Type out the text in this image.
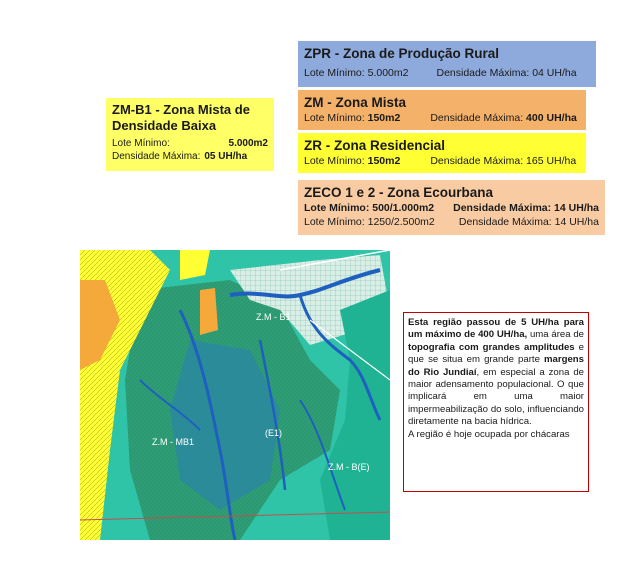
ZPR - Zona de Produção Rural
Lote Mínimo: 5.000m2	Densidade Máxima: 04 UH/ha
ZM - Zona Mista
Lote Mínimo: 150m2	Densidade Máxima: 400 UH/ha
ZR - Zona Residencial
Lote Mínimo: 150m2	Densidade Máxima: 165 UH/ha
ZECO 1 e 2 - Zona Ecourbana
Lote Mínimo: 500/1.000m2 Densidade Máxima: 14 UH/ha
Lote Mínimo: 1250/2.500m2 Densidade Máxima: 14 UH/ha
ZM-B1 - Zona Mista de Densidade Baixa
Lote Mínimo:	5.000m2
Densidade Máxima: 05 UH/ha
Z.M - B1
Z.M - MB1
(E1)
Z.M - B(E)
Esta região passou de 5 UH/ha para um máximo de 400 UH/ha, uma área de topografia com grandes amplitudes e que se situa em grande parte margens do Rio Jundiaí, em especial a zona de maior adensamento populacional. O que implicará em uma maior impermeabilização do solo, influenciando diretamente na bacia hídrica.
A região é hoje ocupada por chácaras
